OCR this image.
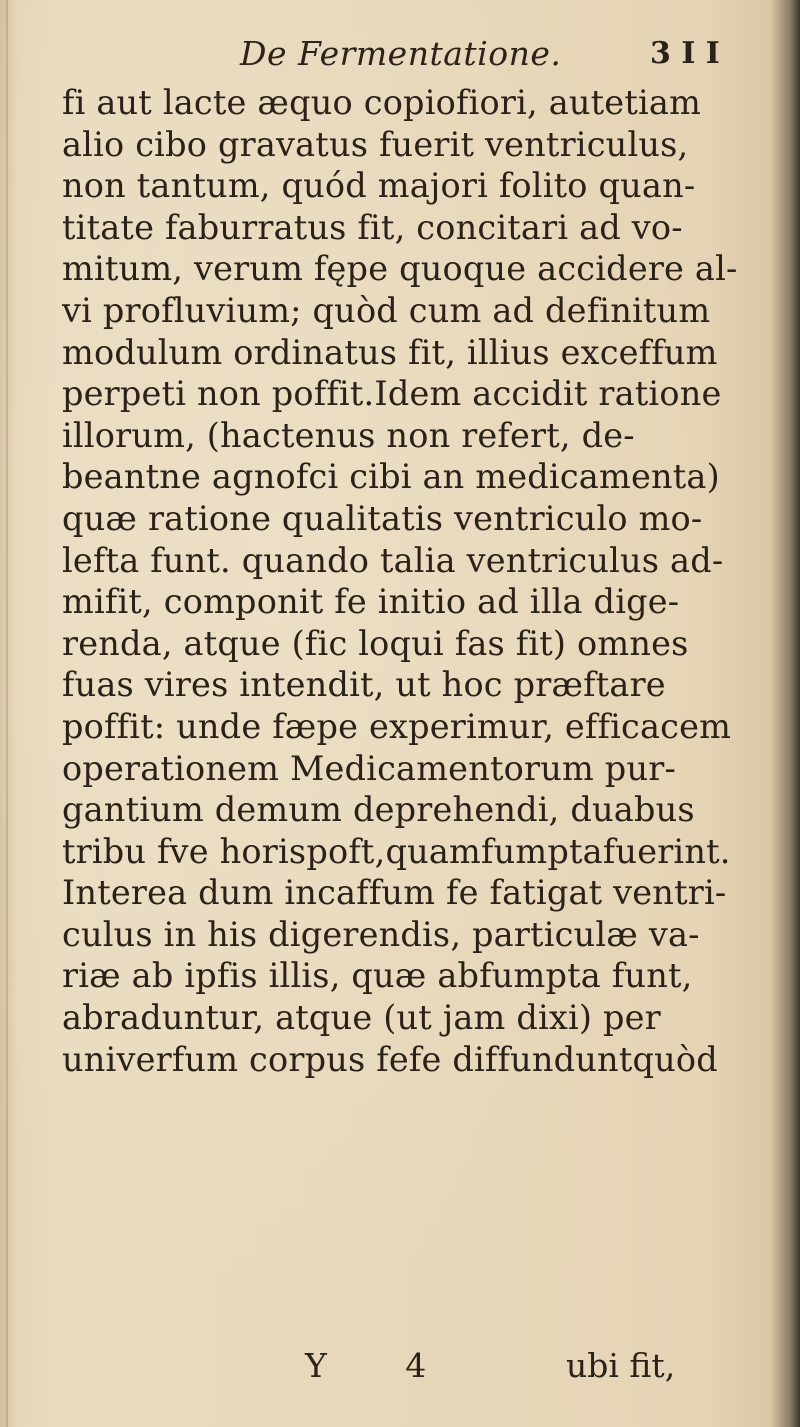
De Fermentatione.	3 I I
fi aut lacte æquo copiofiori, autetiam
alio cibo gravatus fuerit ventriculus,
non tantum, quód majori folito quan-
titate faburratus fit, concitari ad vo-
mitum, verum fępe quoque accidere al-
vi profluvium; quòd cum ad definitum
modulum ordinatus fit, illius exceffum
perpeti non poffit.Idem accidit ratione
illorum, (hactenus non refert, de-
beantne agnofci cibi an medicamenta)
quæ ratione qualitatis ventriculo mo-
lefta funt. quando talia ventriculus ad-
mifit, componit fe initio ad illa dige-
renda, atque (fic loqui fas fit) omnes
fuas vires intendit, ut hoc præftare
poffit: unde fæpe experimur, efficacem
operationem Medicamentorum pur-
gantium demum deprehendi, duabus
tribu fve horispoft,quamfumptafuerint.
Interea dum incaffum fe fatigat ventri-
culus in his digerendis, particulæ va-
riæ ab ipfis illis, quæ abfumpta funt,
abraduntur, atque (ut jam dixi) per
univerfum corpus fefe diffunduntquòd
Y 4	ubi fit,
